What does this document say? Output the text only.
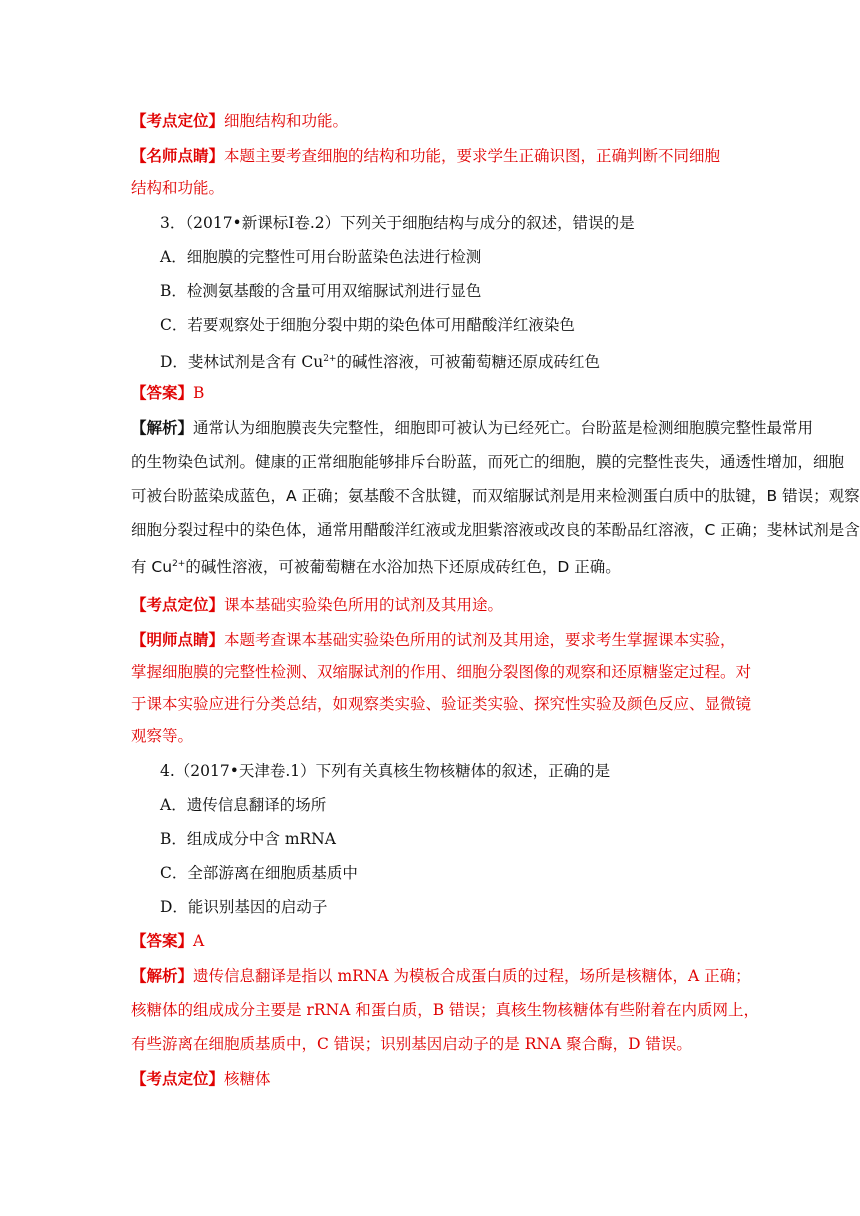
【考点定位】细胞结构和功能。
【名师点睛】本题主要考查细胞的结构和功能，要求学生正确识图，正确判断不同细胞
结构和功能。
3．（2017•新课标Ⅰ卷.2）下列关于细胞结构与成分的叙述，错误的是
A．细胞膜的完整性可用台盼蓝染色法进行检测
B．检测氨基酸的含量可用双缩脲试剂进行显色
C．若要观察处于细胞分裂中期的染色体可用醋酸洋红液染色
D．斐林试剂是含有 $Cu^{2+}$的碱性溶液，可被葡萄糖还原成砖红色
【答案】B
【解析】通常认为细胞膜丧失完整性，细胞即可被认为已经死亡。台盼蓝是检测细胞膜完整性最常用
的生物染色试剂。健康的正常细胞能够排斥台盼蓝，而死亡的细胞，膜的完整性丧失，通透性增加，细胞
可被台盼蓝染成蓝色，A 正确；氨基酸不含肽键，而双缩脲试剂是用来检测蛋白质中的肽键，B 错误；观察
细胞分裂过程中的染色体，通常用醋酸洋红液或龙胆紫溶液或改良的苯酚品红溶液，C 正确；斐林试剂是含
有 $Cu^{2+}$的碱性溶液，可被葡萄糖在水浴加热下还原成砖红色，D 正确。
【考点定位】课本基础实验染色所用的试剂及其用途。
【明师点睛】本题考查课本基础实验染色所用的试剂及其用途，要求考生掌握课本实验，
掌握细胞膜的完整性检测、双缩脲试剂的作用、细胞分裂图像的观察和还原糖鉴定过程。对
于课本实验应进行分类总结，如观察类实验、验证类实验、探究性实验及颜色反应、显微镜
观察等。
4.（2017•天津卷.1）下列有关真核生物核糖体的叙述，正确的是
A．遗传信息翻译的场所
B．组成成分中含 mRNA
C．全部游离在细胞质基质中
D．能识别基因的启动子
【答案】A
【解析】遗传信息翻译是指以 mRNA 为模板合成蛋白质的过程，场所是核糖体，A 正确；
核糖体的组成成分主要是 rRNA 和蛋白质，B 错误；真核生物核糖体有些附着在内质网上，
有些游离在细胞质基质中，C 错误；识别基因启动子的是 RNA 聚合酶，D 错误。
【考点定位】核糖体
